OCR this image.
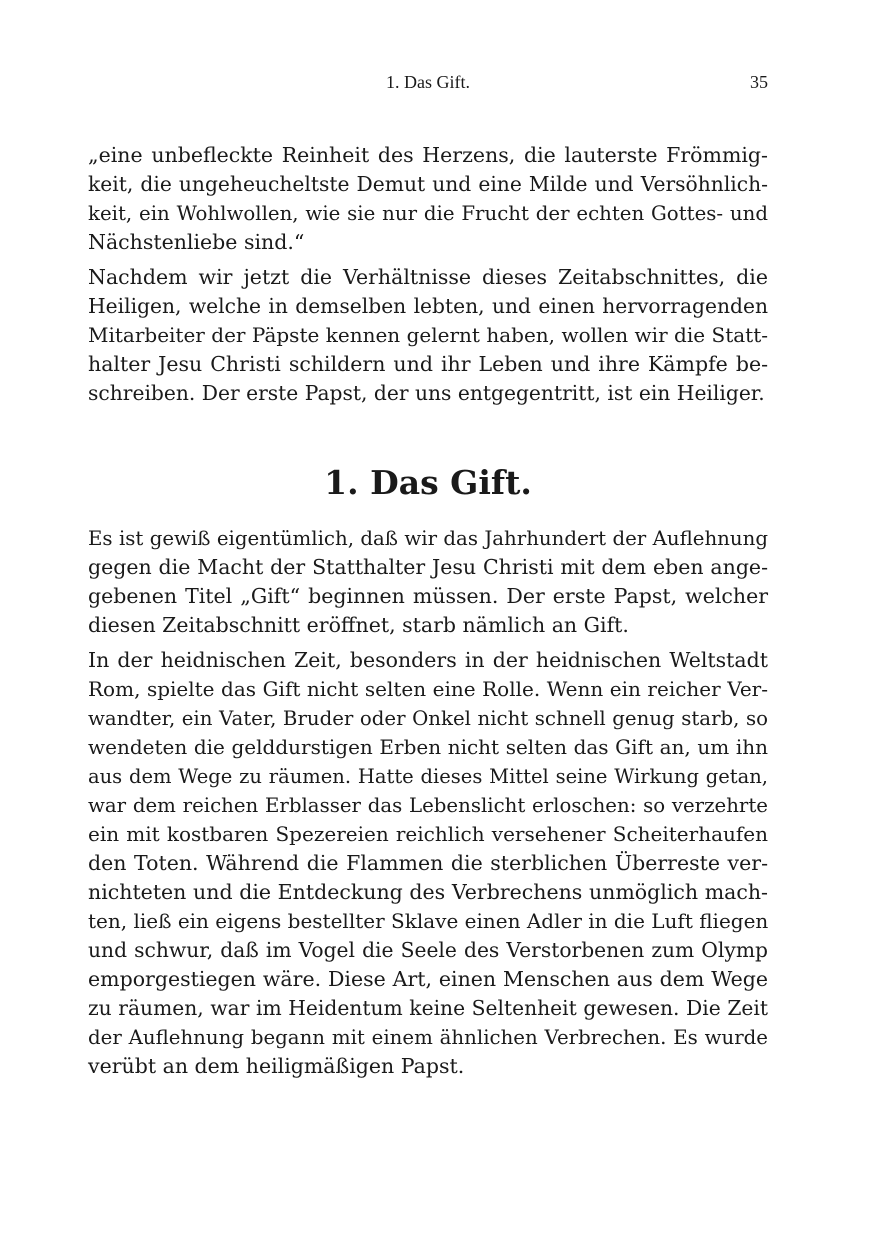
1. Das Gift.	35
„eine unbefleckte Reinheit des Herzens, die lauterste Frömmig-
keit, die ungeheucheltste Demut und eine Milde und Versöhnlich-
keit, ein Wohlwollen, wie sie nur die Frucht der echten Gottes- und
Nächstenliebe sind.“
Nachdem wir jetzt die Verhältnisse dieses Zeitabschnittes, die
Heiligen, welche in demselben lebten, und einen hervorragenden
Mitarbeiter der Päpste kennen gelernt haben, wollen wir die Statt-
halter Jesu Christi schildern und ihr Leben und ihre Kämpfe be-
schreiben. Der erste Papst, der uns entgegentritt, ist ein Heiliger.
1. Das Gift.
Es ist gewiß eigentümlich, daß wir das Jahrhundert der Auflehnung
gegen die Macht der Statthalter Jesu Christi mit dem eben ange-
gebenen Titel „Gift“ beginnen müssen. Der erste Papst, welcher
diesen Zeitabschnitt eröffnet, starb nämlich an Gift.
In der heidnischen Zeit, besonders in der heidnischen Weltstadt
Rom, spielte das Gift nicht selten eine Rolle. Wenn ein reicher Ver-
wandter, ein Vater, Bruder oder Onkel nicht schnell genug starb, so
wendeten die gelddurstigen Erben nicht selten das Gift an, um ihn
aus dem Wege zu räumen. Hatte dieses Mittel seine Wirkung getan,
war dem reichen Erblasser das Lebenslicht erloschen: so verzehrte
ein mit kostbaren Spezereien reichlich versehener Scheiterhaufen
den Toten. Während die Flammen die sterblichen Überreste ver-
nichteten und die Entdeckung des Verbrechens unmöglich mach-
ten, ließ ein eigens bestellter Sklave einen Adler in die Luft fliegen
und schwur, daß im Vogel die Seele des Verstorbenen zum Olymp
emporgestiegen wäre. Diese Art, einen Menschen aus dem Wege
zu räumen, war im Heidentum keine Seltenheit gewesen. Die Zeit
der Auflehnung begann mit einem ähnlichen Verbrechen. Es wurde
verübt an dem heiligmäßigen Papst.
